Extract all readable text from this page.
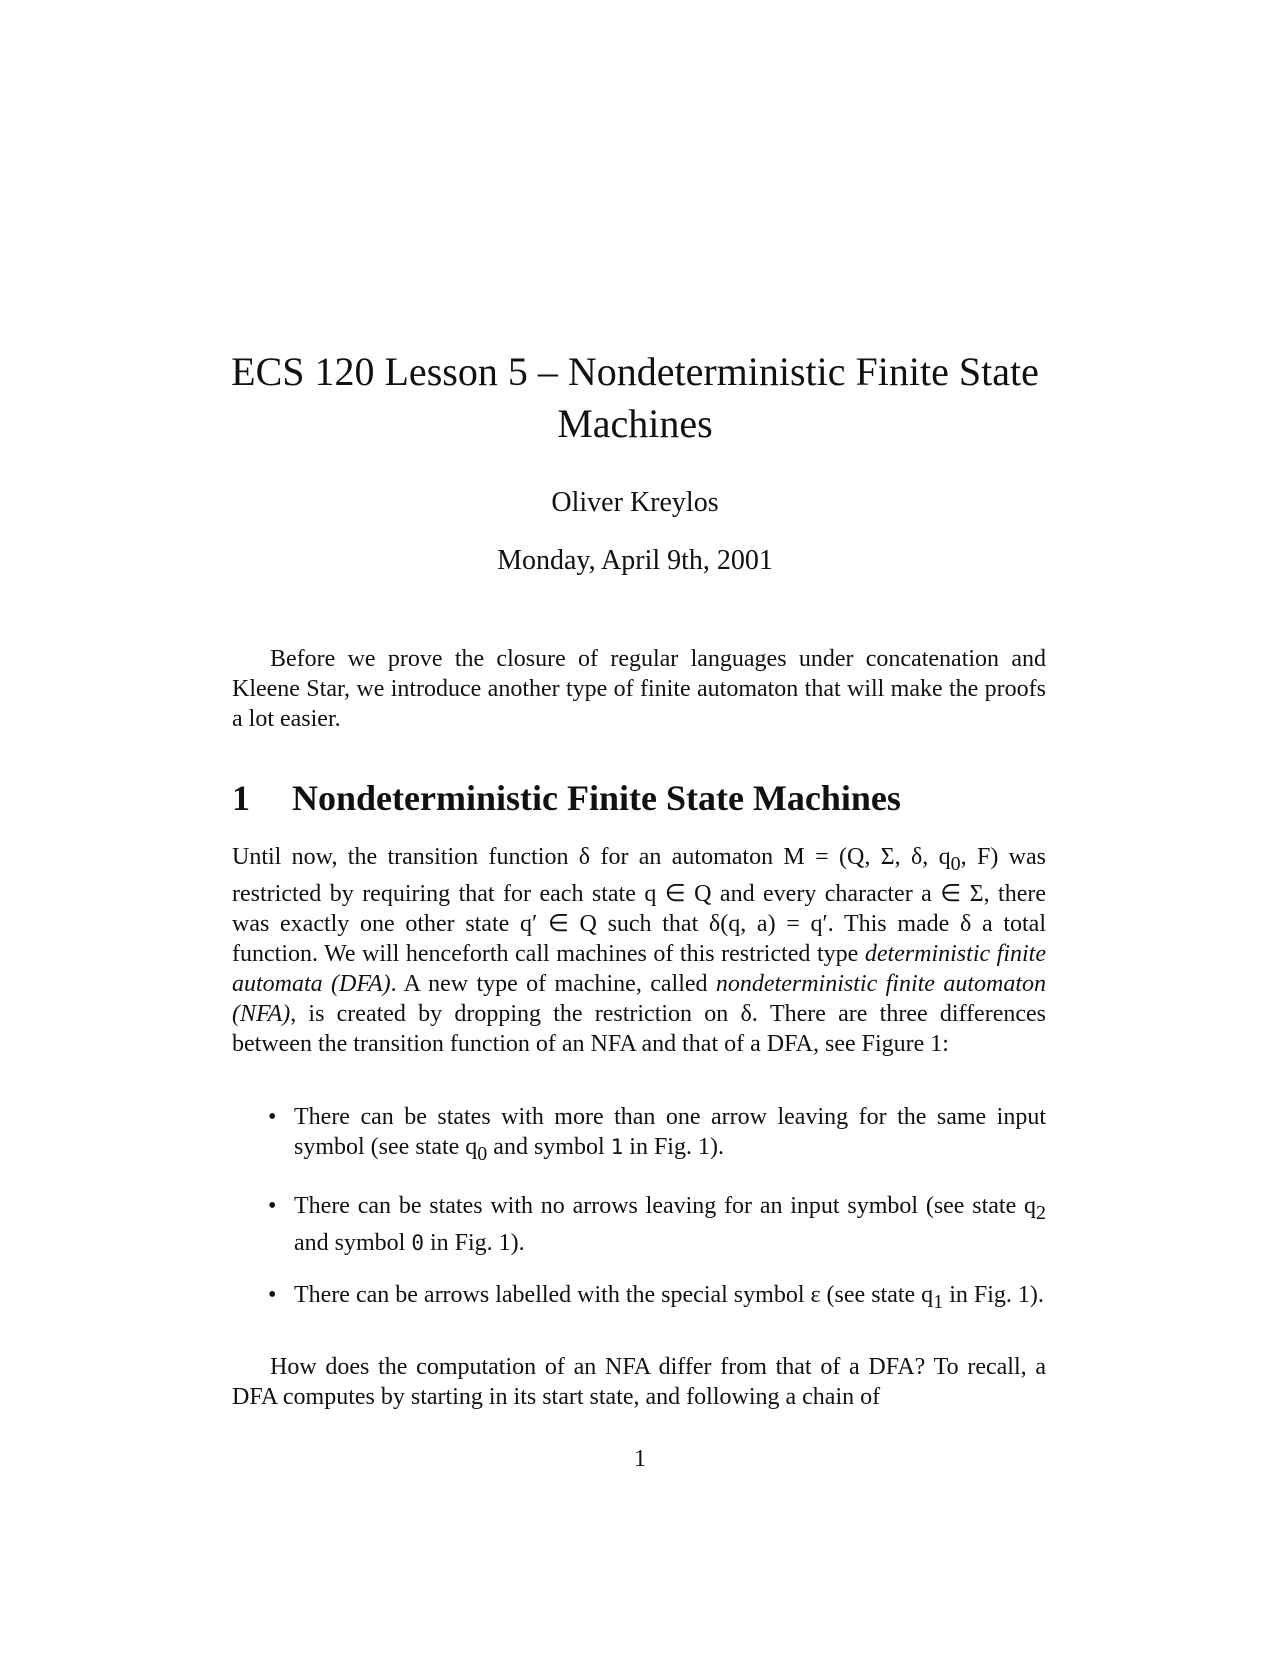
ECS 120 Lesson 5 – Nondeterministic Finite State Machines
Oliver Kreylos
Monday, April 9th, 2001

Before we prove the closure of regular languages under concatenation and Kleene Star, we introduce another type of finite automaton that will make the proofs a lot easier.

1 Nondeterministic Finite State Machines

Until now, the transition function δ for an automaton M = (Q, Σ, δ, $q_0$, F) was restricted by requiring that for each state q ∈ Q and every character a ∈ Σ, there was exactly one other state q′ ∈ Q such that δ(q, a) = q′. This made δ a total function. We will henceforth call machines of this restricted type deterministic finite automata (DFA). A new type of machine, called nondeterministic finite automaton (NFA), is created by dropping the restriction on δ. There are three differences between the transition function of an NFA and that of a DFA, see Figure 1:

• There can be states with more than one arrow leaving for the same input symbol (see state $q_0$ and symbol 1 in Fig. 1).
• There can be states with no arrows leaving for an input symbol (see state $q_2$ and symbol 0 in Fig. 1).
• There can be arrows labelled with the special symbol ε (see state $q_1$ in Fig. 1).

How does the computation of an NFA differ from that of a DFA? To recall, a DFA computes by starting in its start state, and following a chain of

1
